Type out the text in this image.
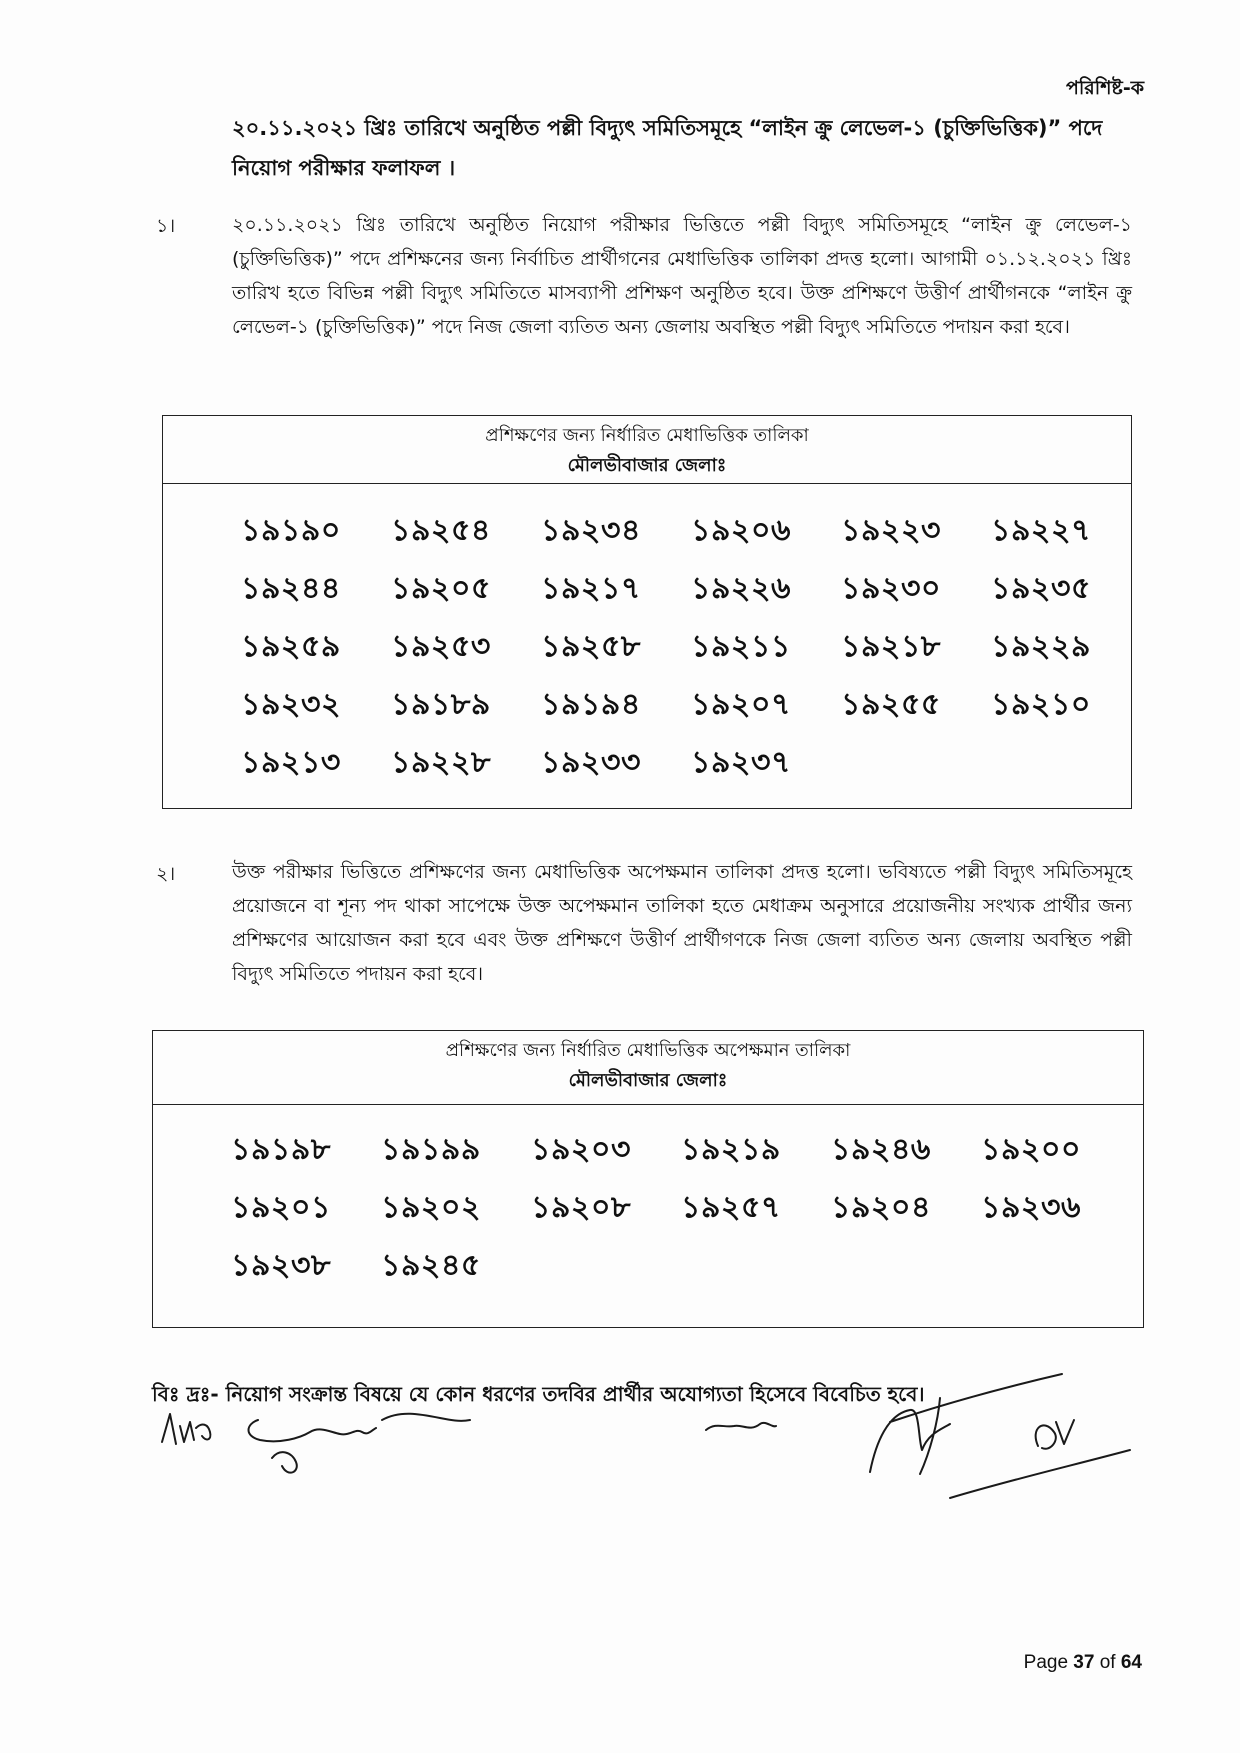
পরিশিষ্ট-ক
২০.১১.২০২১ খ্রিঃ তারিখে অনুষ্ঠিত পল্লী বিদ্যুৎ সমিতিসমূহে “লাইন ক্রু লেভেল-১ (চুক্তিভিত্তিক)” পদে নিয়োগ পরীক্ষার ফলাফল ।
১।	২০.১১.২০২১ খ্রিঃ তারিখে অনুষ্ঠিত নিয়োগ পরীক্ষার ভিত্তিতে পল্লী বিদ্যুৎ সমিতিসমূহে “লাইন ক্রু লেভেল-১ (চুক্তিভিত্তিক)” পদে প্রশিক্ষনের জন্য নির্বাচিত প্রার্থীগনের মেধাভিত্তিক তালিকা প্রদত্ত হলো। আগামী ০১.১২.২০২১ খ্রিঃ তারিখ হতে বিভিন্ন পল্লী বিদ্যুৎ সমিতিতে মাসব্যাপী প্রশিক্ষণ অনুষ্ঠিত হবে। উক্ত প্রশিক্ষণে উত্তীর্ণ প্রার্থীগনকে “লাইন ক্রু লেভেল-১ (চুক্তিভিত্তিক)” পদে নিজ জেলা ব্যতিত অন্য জেলায় অবস্থিত পল্লী বিদ্যুৎ সমিতিতে পদায়ন করা হবে।
প্রশিক্ষণের জন্য নির্ধারিত মেধাভিত্তিক তালিকা
মৌলভীবাজার জেলাঃ
১৯১৯০	১৯২৫৪	১৯২৩৪	১৯২০৬	১৯২২৩	১৯২২৭
১৯২৪৪	১৯২০৫	১৯২১৭	১৯২২৬	১৯২৩০	১৯২৩৫
১৯২৫৯	১৯২৫৩	১৯২৫৮	১৯২১১	১৯২১৮	১৯২২৯
১৯২৩২	১৯১৮৯	১৯১৯৪	১৯২০৭	১৯২৫৫	১৯২১০
১৯২১৩	১৯২২৮	১৯২৩৩	১৯২৩৭
২।	উক্ত পরীক্ষার ভিত্তিতে প্রশিক্ষণের জন্য মেধাভিত্তিক অপেক্ষমান তালিকা প্রদত্ত হলো। ভবিষ্যতে পল্লী বিদ্যুৎ সমিতিসমূহে প্রয়োজনে বা শূন্য পদ থাকা সাপেক্ষে উক্ত অপেক্ষমান তালিকা হতে মেধাক্রম অনুসারে প্রয়োজনীয় সংখ্যক প্রার্থীর জন্য প্রশিক্ষণের আয়োজন করা হবে এবং উক্ত প্রশিক্ষণে উত্তীর্ণ প্রার্থীগণকে নিজ জেলা ব্যতিত অন্য জেলায় অবস্থিত পল্লী বিদ্যুৎ সমিতিতে পদায়ন করা হবে।
প্রশিক্ষণের জন্য নির্ধারিত মেধাভিত্তিক অপেক্ষমান তালিকা
মৌলভীবাজার জেলাঃ
১৯১৯৮	১৯১৯৯	১৯২০৩	১৯২১৯	১৯২৪৬	১৯২০০
১৯২০১	১৯২০২	১৯২০৮	১৯২৫৭	১৯২০৪	১৯২৩৬
১৯২৩৮	১৯২৪৫
বিঃ দ্রঃ- নিয়োগ সংক্রান্ত বিষয়ে যে কোন ধরণের তদবির প্রার্থীর অযোগ্যতা হিসেবে বিবেচিত হবে।
Page 37 of 64
